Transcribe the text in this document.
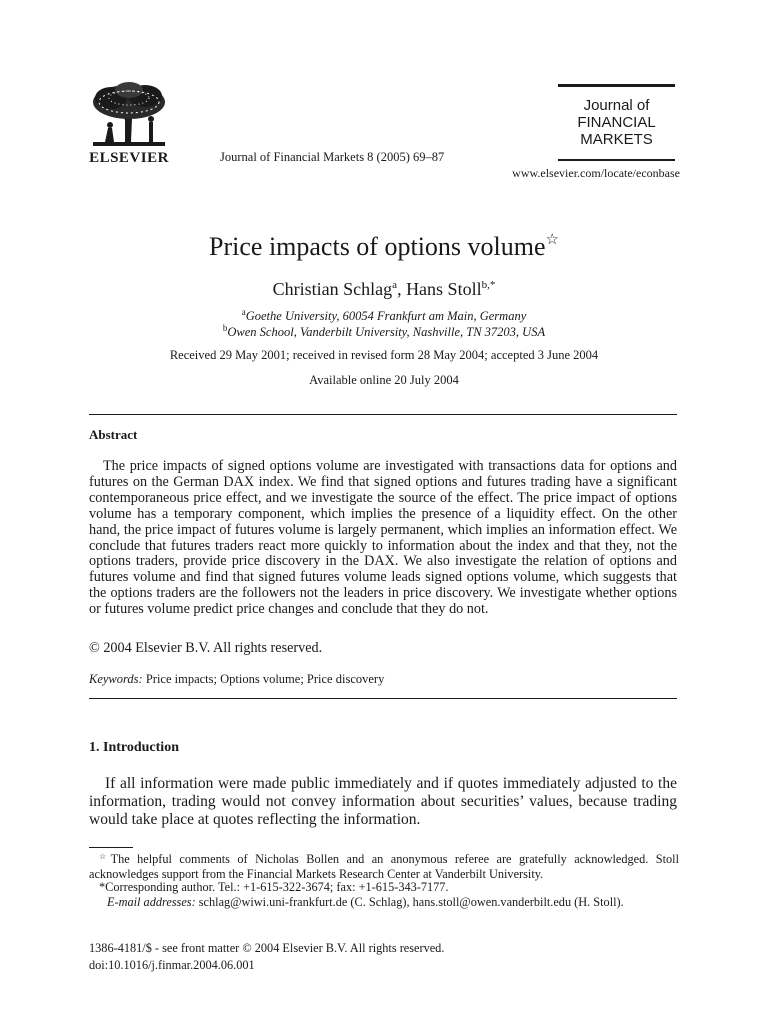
ELSEVIER	Journal of Financial Markets 8 (2005) 69–87
Journal of
FINANCIAL
MARKETS
www.elsevier.com/locate/econbase
Price impacts of options volume☆
Christian Schlag$^a$, Hans Stoll$^{b,*}$
$^a$Goethe University, 60054 Frankfurt am Main, Germany
$^b$Owen School, Vanderbilt University, Nashville, TN 37203, USA
Received 29 May 2001; received in revised form 28 May 2004; accepted 3 June 2004
Available online 20 July 2004
Abstract
The price impacts of signed options volume are investigated with transactions data for options and futures on the German DAX index. We find that signed options and futures trading have a significant contemporaneous price effect, and we investigate the source of the effect. The price impact of options volume has a temporary component, which implies the presence of a liquidity effect. On the other hand, the price impact of futures volume is largely permanent, which implies an information effect. We conclude that futures traders react more quickly to information about the index and that they, not the options traders, provide price discovery in the DAX. We also investigate the relation of options and futures volume and find that signed futures volume leads signed options volume, which suggests that the options traders are the followers not the leaders in price discovery. We investigate whether options or futures volume predict price changes and conclude that they do not.
© 2004 Elsevier B.V. All rights reserved.
Keywords: Price impacts; Options volume; Price discovery
1. Introduction
If all information were made public immediately and if quotes immediately adjusted to the information, trading would not convey information about securities’ values, because trading would take place at quotes reflecting the information.
☆The helpful comments of Nicholas Bollen and an anonymous referee are gratefully acknowledged. Stoll acknowledges support from the Financial Markets Research Center at Vanderbilt University.
*Corresponding author. Tel.: +1-615-322-3674; fax: +1-615-343-7177.
E-mail addresses: schlag@wiwi.uni-frankfurt.de (C. Schlag), hans.stoll@owen.vanderbilt.edu (H. Stoll).
1386-4181/$ - see front matter © 2004 Elsevier B.V. All rights reserved.
doi:10.1016/j.finmar.2004.06.001
